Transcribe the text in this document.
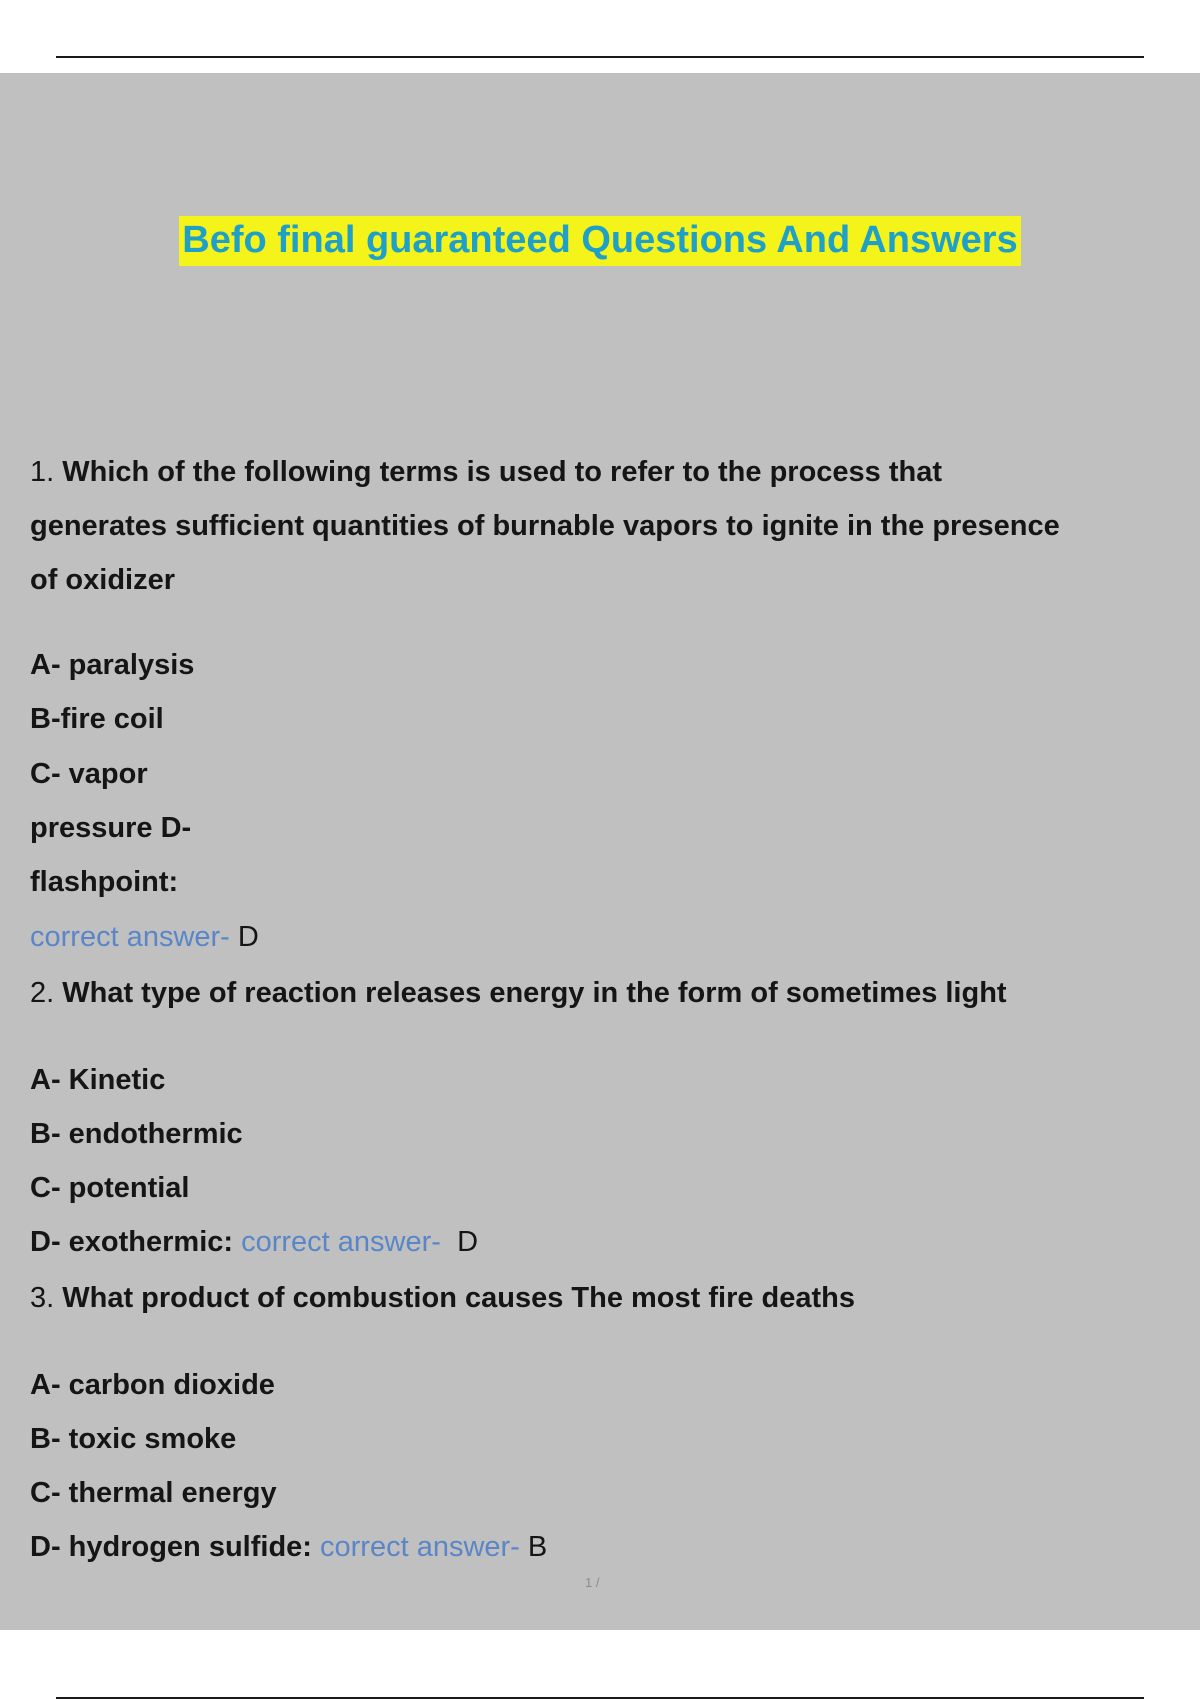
Befo final guaranteed Questions And Answers
1. Which of the following terms is used to refer to the process that
generates sufficient quantities of burnable vapors to ignite in the presence
of oxidizer
A- paralysis
B-fire coil
C- vapor
pressure D-
flashpoint:
correct answer- D
2. What type of reaction releases energy in the form of sometimes light
A- Kinetic
B- endothermic
C- potential
D- exothermic: correct answer- D
3. What product of combustion causes The most fire deaths
A- carbon dioxide
B- toxic smoke
C- thermal energy
D- hydrogen sulfide: correct answer- B
1 /
